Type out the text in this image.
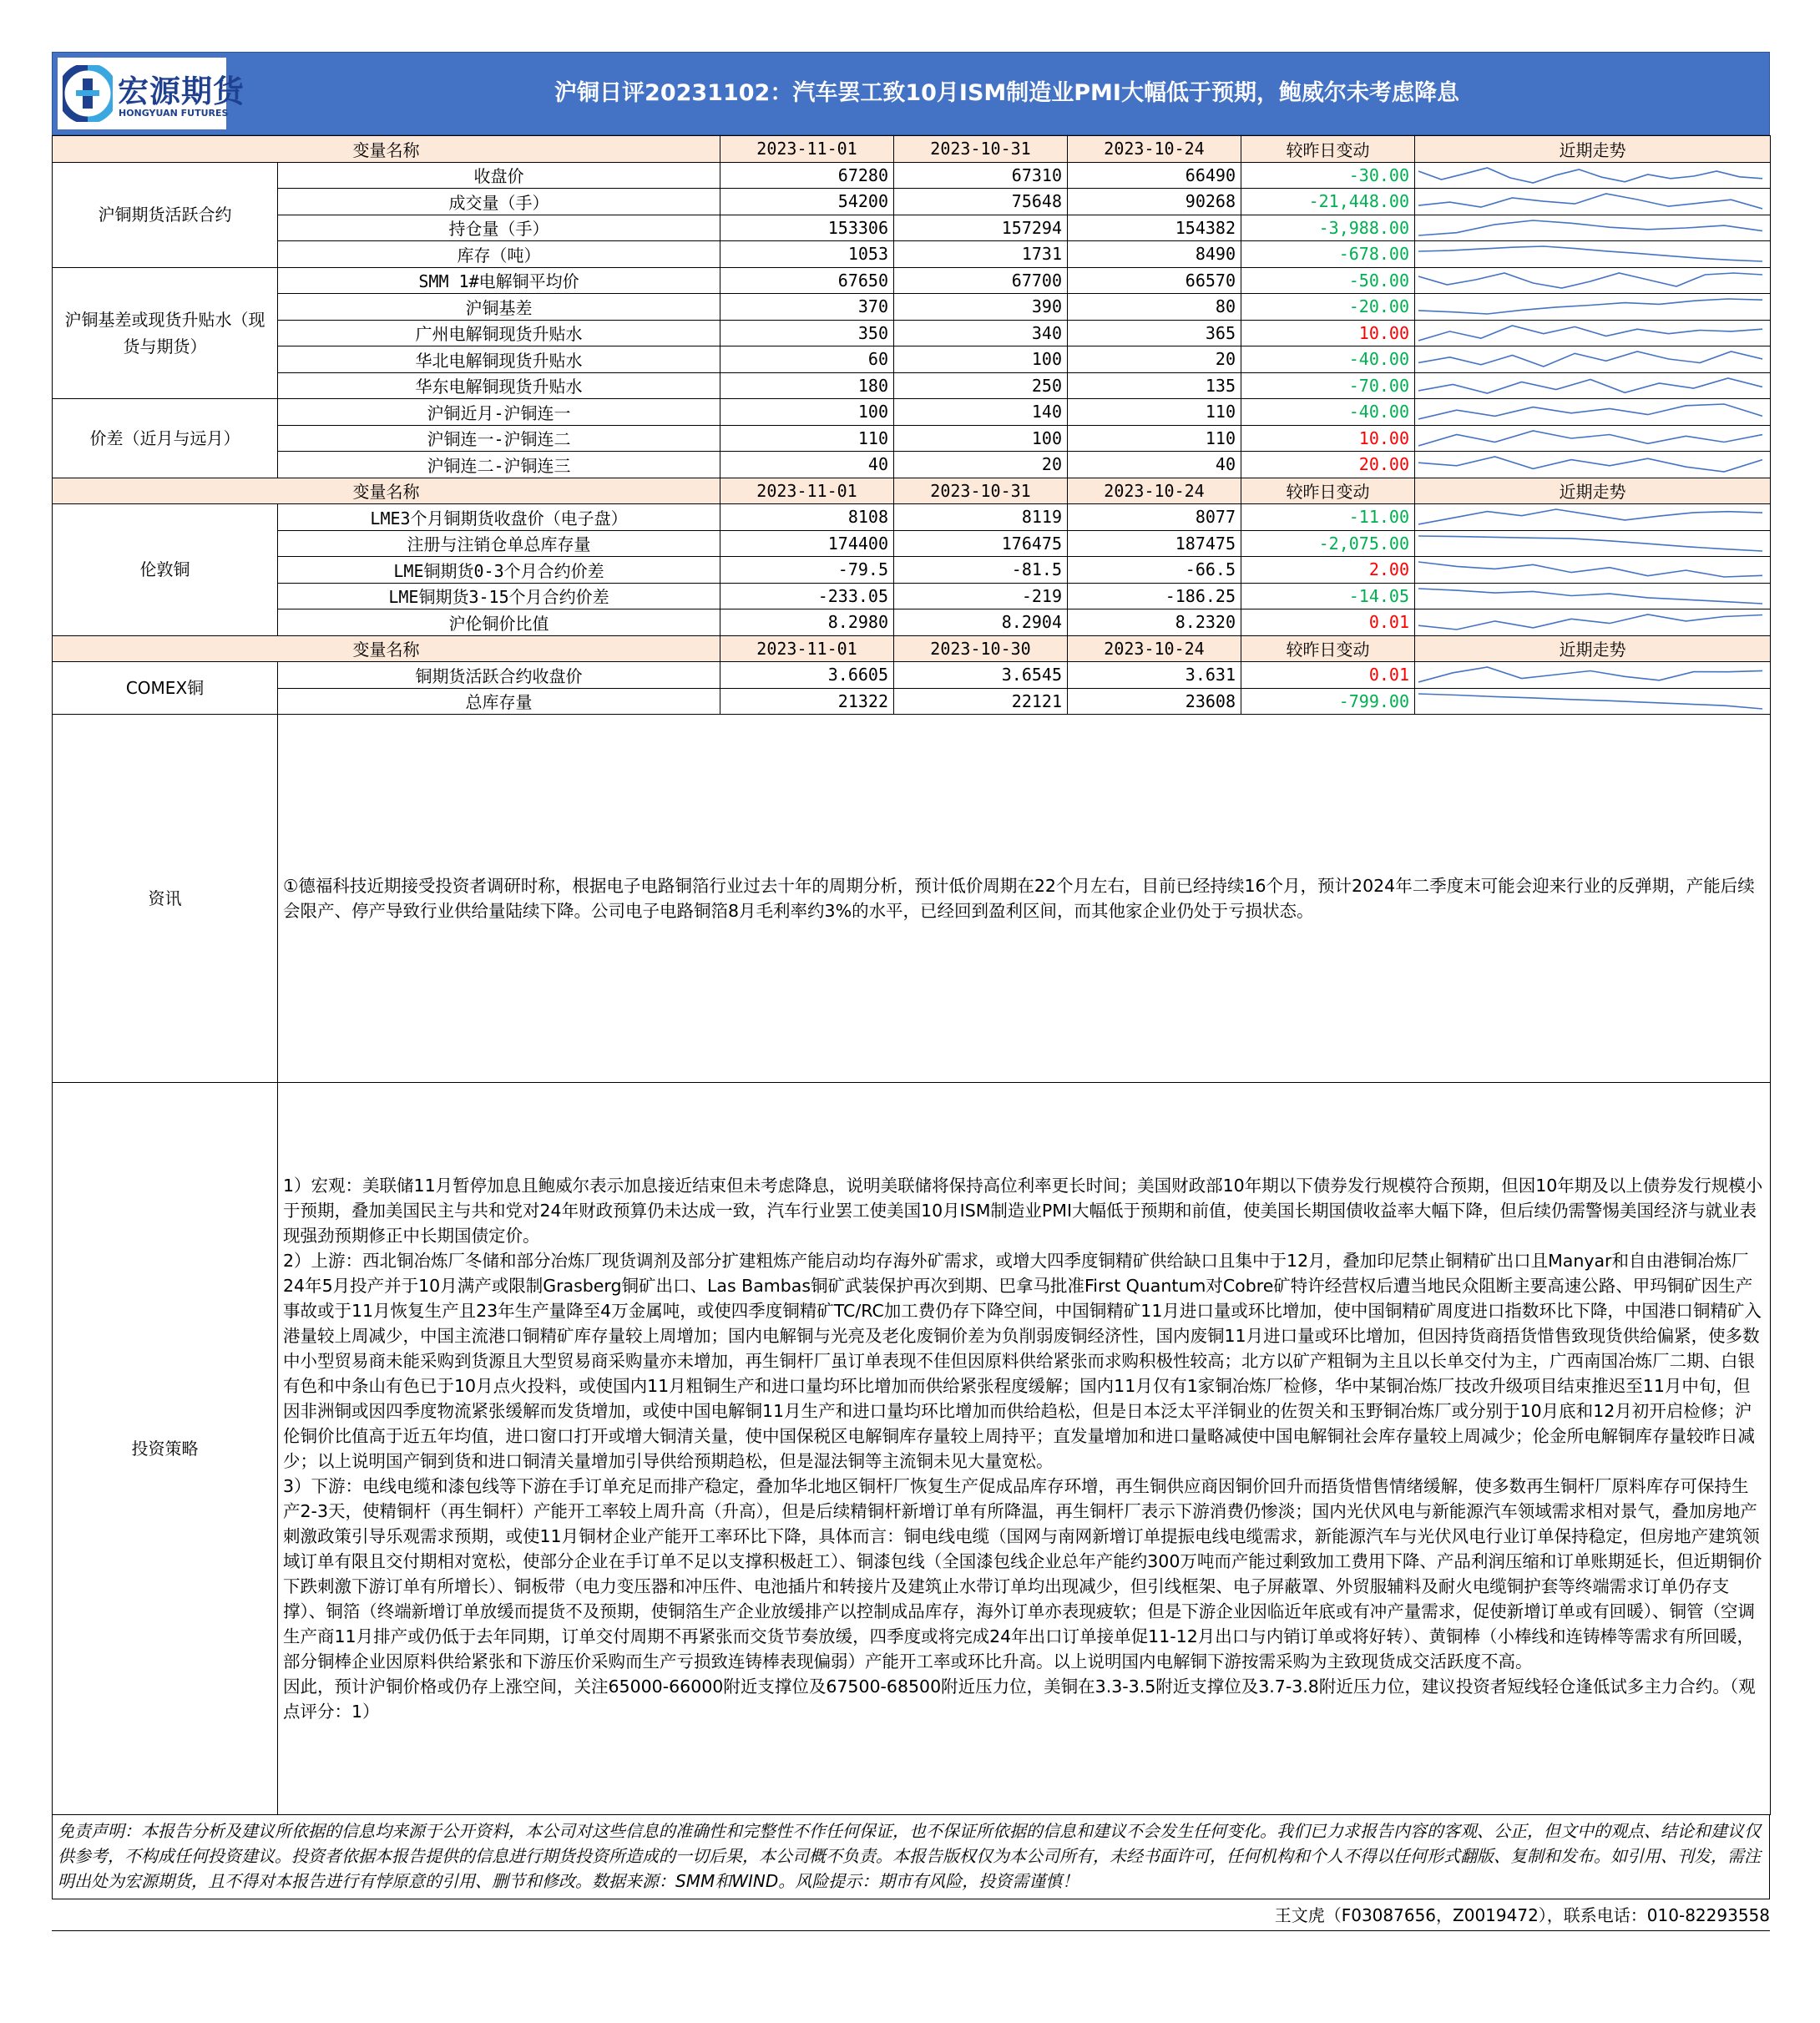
宏源期货
HONGYUAN FUTURES
沪铜日评20231102：汽车罢工致10月ISM制造业PMI大幅低于预期，鲍威尔未考虑降息
变量名称		2023-11-01	2023-10-31	2023-10-24	较昨日变动	近期走势
沪铜期货活跃合约	收盘价	67280	67310	66490	-30.00	

	成交量（手）	54200	75648	90268	-21,448.00	

	持仓量（手）	153306	157294	154382	-3,988.00	

	库存（吨）	1053	1731	8490	-678.00	

沪铜基差或现货升贴水（现货与期货）	SMM 1#电解铜平均价	67650	67700	66570	-50.00	

	沪铜基差	370	390	80	-20.00	

	广州电解铜现货升贴水	350	340	365	10.00	

	华北电解铜现货升贴水	60	100	20	-40.00	

	华东电解铜现货升贴水	180	250	135	-70.00	

价差（近月与远月）	沪铜近月-沪铜连一	100	140	110	-40.00	

	沪铜连一-沪铜连二	110	100	110	10.00	

	沪铜连二-沪铜连三	40	20	40	20.00	

变量名称		2023-11-01	2023-10-31	2023-10-24	较昨日变动	近期走势
伦敦铜	LME3个月铜期货收盘价（电子盘）	8108	8119	8077	-11.00	

	注册与注销仓单总库存量	174400	176475	187475	-2,075.00	

	LME铜期货0-3个月合约价差	-79.5	-81.5	-66.5	2.00	

	LME铜期货3-15个月合约价差	-233.05	-219	-186.25	-14.05	

	沪伦铜价比值	8.2980	8.2904	8.2320	0.01	

变量名称		2023-11-01	2023-10-30	2023-10-24	较昨日变动	近期走势
COMEX铜	铜期货活跃合约收盘价	3.6605	3.6545	3.631	0.01	

	总库存量	21322	22121	23608	-799.00	

资讯	①德福科技近期接受投资者调研时称，根据电子电路铜箔行业过去十年的周期分析，预计低价周期在22个月左右，目前已经持续16个月，预计2024年二季度末可能会迎来行业的反弹期，产能后续会限产、停产导致行业供给量陆续下降。公司电子电路铜箔8月毛利率约3%的水平，已经回到盈利区间，而其他家企业仍处于亏损状态。					
投资策略	1）宏观：美联储11月暂停加息且鲍威尔表示加息接近结束但未考虑降息，说明美联储将保持高位利率更长时间；美国财政部10年期以下债券发行规模符合预期，但因10年期及以上债券发行规模小于预期，叠加美国民主与共和党对24年财政预算仍未达成一致，汽车行业罢工使美国10月ISM制造业PMI大幅低于预期和前值，使美国长期国债收益率大幅下降，但后续仍需警惕美国经济与就业表现强劲预期修正中长期国债定价。
2）上游：西北铜冶炼厂冬储和部分冶炼厂现货调剂及部分扩建粗炼产能启动均存海外矿需求，或增大四季度铜精矿供给缺口且集中于12月，叠加印尼禁止铜精矿出口且Manyar和自由港铜冶炼厂24年5月投产并于10月满产或限制Grasberg铜矿出口、Las Bambas铜矿武装保护再次到期、巴拿马批准First Quantum对Cobre矿特许经营权后遭当地民众阻断主要高速公路、甲玛铜矿因生产事故或于11月恢复生产且23年生产量降至4万金属吨，或使四季度铜精矿TC/RC加工费仍存下降空间，中国铜精矿11月进口量或环比增加，使中国铜精矿周度进口指数环比下降，中国港口铜精矿入港量较上周减少，中国主流港口铜精矿库存量较上周增加；国内电解铜与光亮及老化废铜价差为负削弱废铜经济性，国内废铜11月进口量或环比增加，但因持货商捂货惜售致现货供给偏紧，使多数中小型贸易商未能采购到货源且大型贸易商采购量亦未增加，再生铜杆厂虽订单表现不佳但因原料供给紧张而求购积极性较高；北方以矿产粗铜为主且以长单交付为主，广西南国冶炼厂二期、白银有色和中条山有色已于10月点火投料，或使国内11月粗铜生产和进口量均环比增加而供给紧张程度缓解；国内11月仅有1家铜冶炼厂检修，华中某铜冶炼厂技改升级项目结束推迟至11月中旬，但因非洲铜或因四季度物流紧张缓解而发货增加，或使中国电解铜11月生产和进口量均环比增加而供给趋松，但是日本泛太平洋铜业的佐贺关和玉野铜冶炼厂或分别于10月底和12月初开启检修；沪伦铜价比值高于近五年均值，进口窗口打开或增大铜清关量，使中国保税区电解铜库存量较上周持平；直发量增加和进口量略减使中国电解铜社会库存量较上周减少；伦金所电解铜库存量较昨日减少；以上说明国产铜到货和进口铜清关量增加引导供给预期趋松，但是湿法铜等主流铜未见大量宽松。
3）下游：电线电缆和漆包线等下游在手订单充足而排产稳定，叠加华北地区铜杆厂恢复生产促成品库存环增，再生铜供应商因铜价回升而捂货惜售情绪缓解，使多数再生铜杆厂原料库存可保持生产2-3天，使精铜杆（再生铜杆）产能开工率较上周升高（升高），但是后续精铜杆新增订单有所降温，再生铜杆厂表示下游消费仍惨淡；国内光伏风电与新能源汽车领域需求相对景气，叠加房地产刺激政策引导乐观需求预期，或使11月铜材企业产能开工率环比下降，具体而言：铜电线电缆（国网与南网新增订单提振电线电缆需求，新能源汽车与光伏风电行业订单保持稳定，但房地产建筑领域订单有限且交付期相对宽松，使部分企业在手订单不足以支撑积极赶工）、铜漆包线（全国漆包线企业总年产能约300万吨而产能过剩致加工费用下降、产品利润压缩和订单账期延长，但近期铜价下跌刺激下游订单有所增长）、铜板带（电力变压器和冲压件、电池插片和转接片及建筑止水带订单均出现减少，但引线框架、电子屏蔽罩、外贸服辅料及耐火电缆铜护套等终端需求订单仍存支撑）、铜箔（终端新增订单放缓而提货不及预期，使铜箔生产企业放缓排产以控制成品库存，海外订单亦表现疲软；但是下游企业因临近年底或有冲产量需求，促使新增订单或有回暖）、铜管（空调生产商11月排产或仍低于去年同期，订单交付周期不再紧张而交货节奏放缓，四季度或将完成24年出口订单接单促11-12月出口与内销订单或将好转）、黄铜棒（小棒线和连铸棒等需求有所回暖，部分铜棒企业因原料供给紧张和下游压价采购而生产亏损致连铸棒表现偏弱）产能开工率或环比升高。以上说明国内电解铜下游按需采购为主致现货成交活跃度不高。
因此，预计沪铜价格或仍存上涨空间，关注65000-66000附近支撑位及67500-68500附近压力位，美铜在3.3-3.5附近支撑位及3.7-3.8附近压力位，建议投资者短线轻仓逢低试多主力合约。（观点评分：1）					
免责声明：本报告分析及建议所依据的信息均来源于公开资料，本公司对这些信息的准确性和完整性不作任何保证，也不保证所依据的信息和建议不会发生任何变化。我们已力求报告内容的客观、公正，但文中的观点、结论和建议仅供参考，不构成任何投资建议。投资者依据本报告提供的信息进行期货投资所造成的一切后果，本公司概不负责。本报告版权仅为本公司所有，未经书面许可，任何机构和个人不得以任何形式翻版、复制和发布。如引用、刊发，需注明出处为宏源期货，且不得对本报告进行有悖原意的引用、删节和修改。数据来源：SMM和WIND。风险提示：期市有风险，投资需谨慎！
王文虎（F03087656，Z0019472），联系电话：010-82293558
